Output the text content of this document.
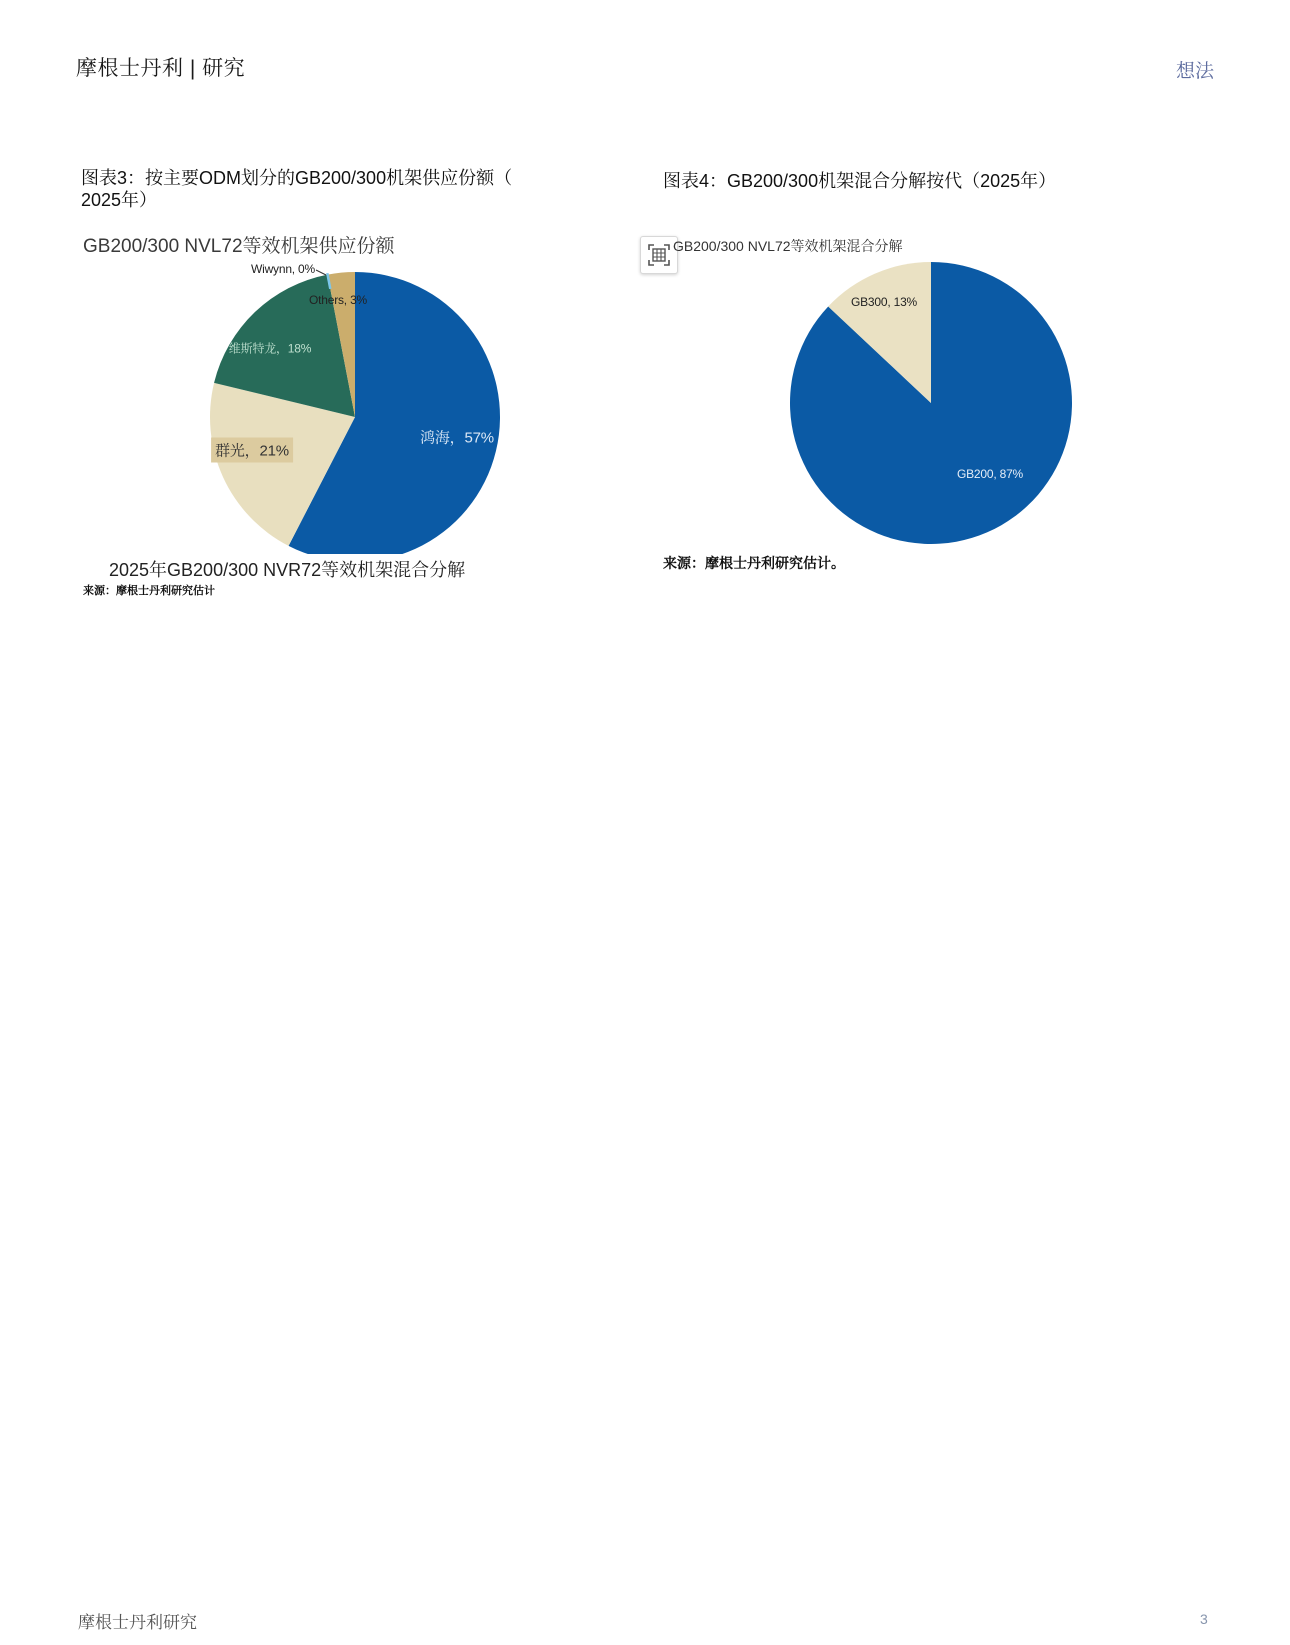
摩根士丹利 | 研究	想法
图表3：按主要ODM划分的GB200/300机架供应份额（
2025年）
GB200/300 NVL72等效机架供应份额
鸿海，57%
群光，21%
维斯特龙，18%
Wiwynn, 0%
Others, 3%
2025年GB200/300 NVR72等效机架混合分解
来源：摩根士丹利研究估计
图表4：GB200/300机架混合分解按代（2025年）
GB200/300 NVL72等效机架混合分解
GB200, 87%
GB300, 13%
来源：摩根士丹利研究估计。
摩根士丹利研究	3
